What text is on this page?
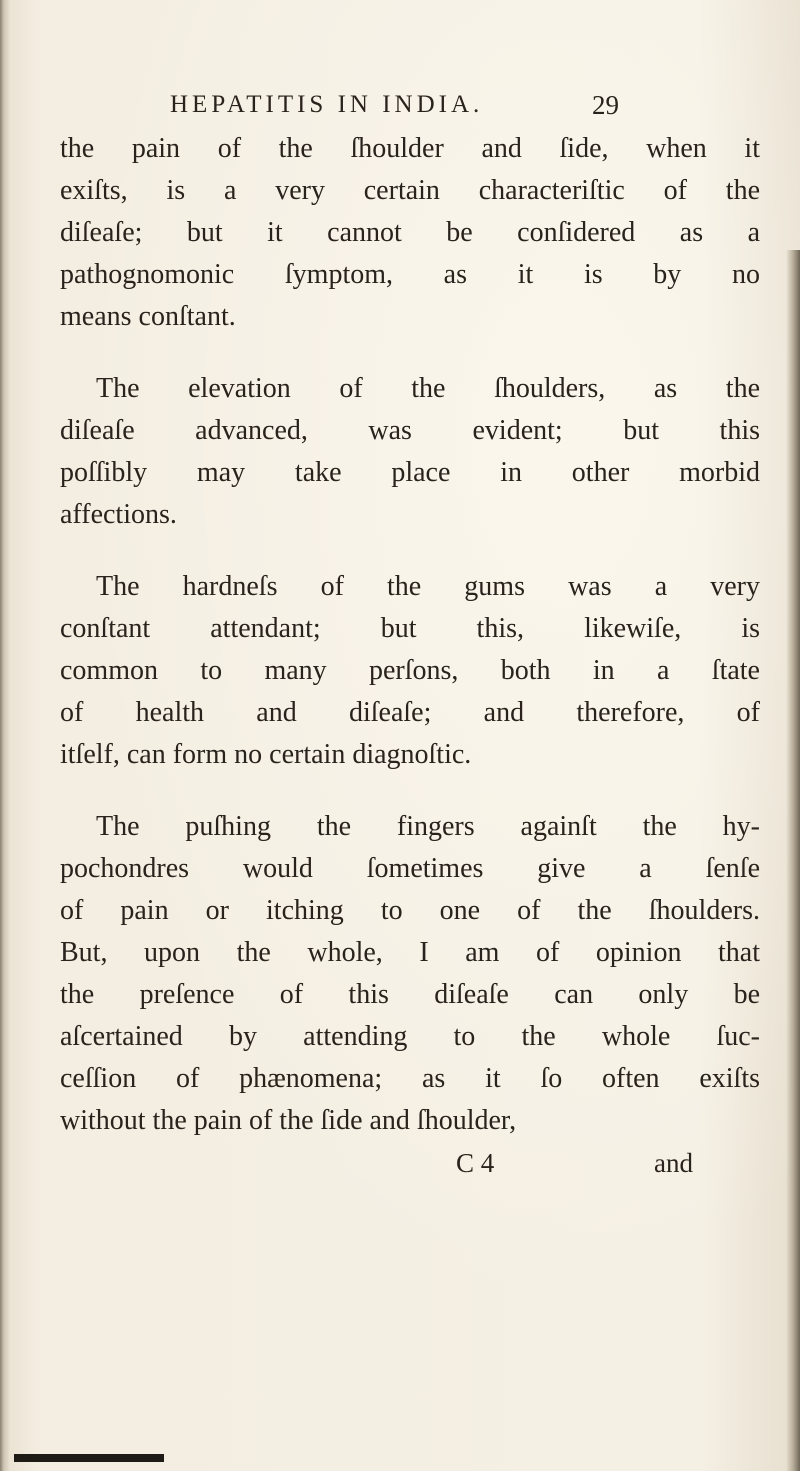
HEPATITIS IN INDIA.	29
the pain of the ſhoulder and ſide, when it
exiſts, is a very certain characteriſtic of the
diſeaſe; but it cannot be conſidered as a
pathognomonic ſymptom, as it is by no
means conſtant.
The elevation of the ſhoulders, as the
diſeaſe advanced, was evident; but this
poſſibly may take place in other morbid
affections.
The hardneſs of the gums was a very
conſtant attendant; but this, likewiſe, is
common to many perſons, both in a ſtate
of health and diſeaſe; and therefore, of
itſelf, can form no certain diagnoſtic.
The puſhing the fingers againſt the hy-
pochondres would ſometimes give a ſenſe
of pain or itching to one of the ſhoulders.
But, upon the whole, I am of opinion that
the preſence of this diſeaſe can only be
aſcertained by attending to the whole ſuc-
ceſſion of phænomena; as it ſo often exiſts
without the pain of the ſide and ſhoulder,
C 4	and
